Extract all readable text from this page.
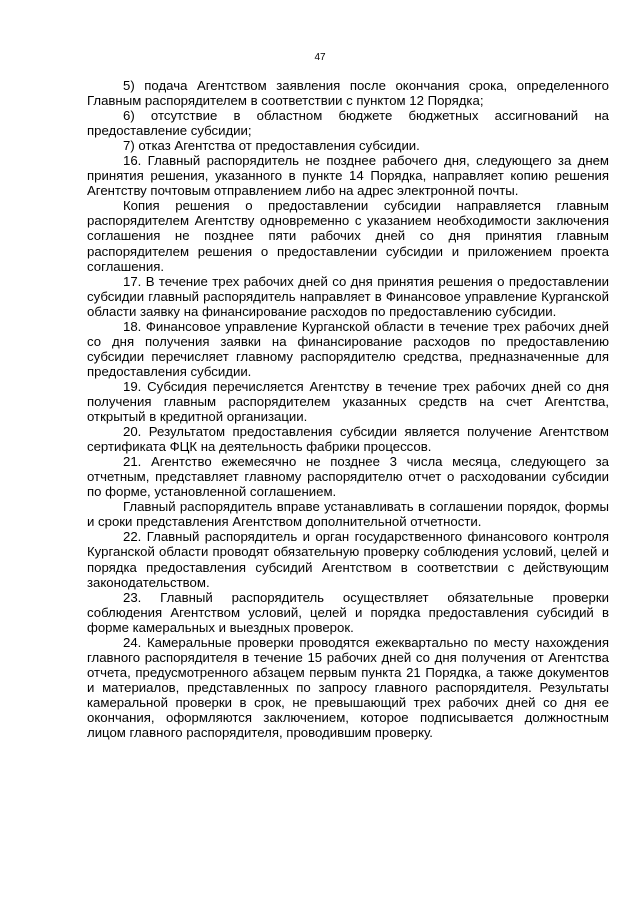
47

5) подача Агентством заявления после окончания срока, определенного Главным распорядителем в соответствии с пунктом 12 Порядка;

6) отсутствие в областном бюджете бюджетных ассигнований на предоставление субсидии;

7) отказ Агентства от предоставления субсидии.

16. Главный распорядитель не позднее рабочего дня, следующего за днем принятия решения, указанного в пункте 14 Порядка, направляет копию решения Агентству почтовым отправлением либо на адрес электронной почты.

Копия решения о предоставлении субсидии направляется главным распорядителем Агентству одновременно с указанием необходимости заключения соглашения не позднее пяти рабочих дней со дня принятия главным распорядителем решения о предоставлении субсидии и приложением проекта соглашения.

17. В течение трех рабочих дней со дня принятия решения о предоставлении субсидии главный распорядитель направляет в Финансовое управление Курганской области заявку на финансирование расходов по предоставлению субсидии.

18. Финансовое управление Курганской области в течение трех рабочих дней со дня получения заявки на финансирование расходов по предоставлению субсидии перечисляет главному распорядителю средства, предназначенные для предоставления субсидии.

19. Субсидия перечисляется Агентству в течение трех рабочих дней со дня получения главным распорядителем указанных средств на счет Агентства, открытый в кредитной организации.

20. Результатом предоставления субсидии является получение Агентством сертификата ФЦК на деятельность фабрики процессов.

21. Агентство ежемесячно не позднее 3 числа месяца, следующего за отчетным, представляет главному распорядителю отчет о расходовании субсидии по форме, установленной соглашением.

Главный распорядитель вправе устанавливать в соглашении порядок, формы и сроки представления Агентством дополнительной отчетности.

22. Главный распорядитель и орган государственного финансового контроля Курганской области проводят обязательную проверку соблюдения условий, целей и порядка предоставления субсидий Агентством в соответствии с действующим законодательством.

23. Главный распорядитель осуществляет обязательные проверки соблюдения Агентством условий, целей и порядка предоставления субсидий в форме камеральных и выездных проверок.

24. Камеральные проверки проводятся ежеквартально по месту нахождения главного распорядителя в течение 15 рабочих дней со дня получения от Агентства отчета, предусмотренного абзацем первым пункта 21 Порядка, а также документов и материалов, представленных по запросу главного распорядителя. Результаты камеральной проверки в срок, не превышающий трех рабочих дней со дня ее окончания, оформляются заключением, которое подписывается должностным лицом главного распорядителя, проводившим проверку.
